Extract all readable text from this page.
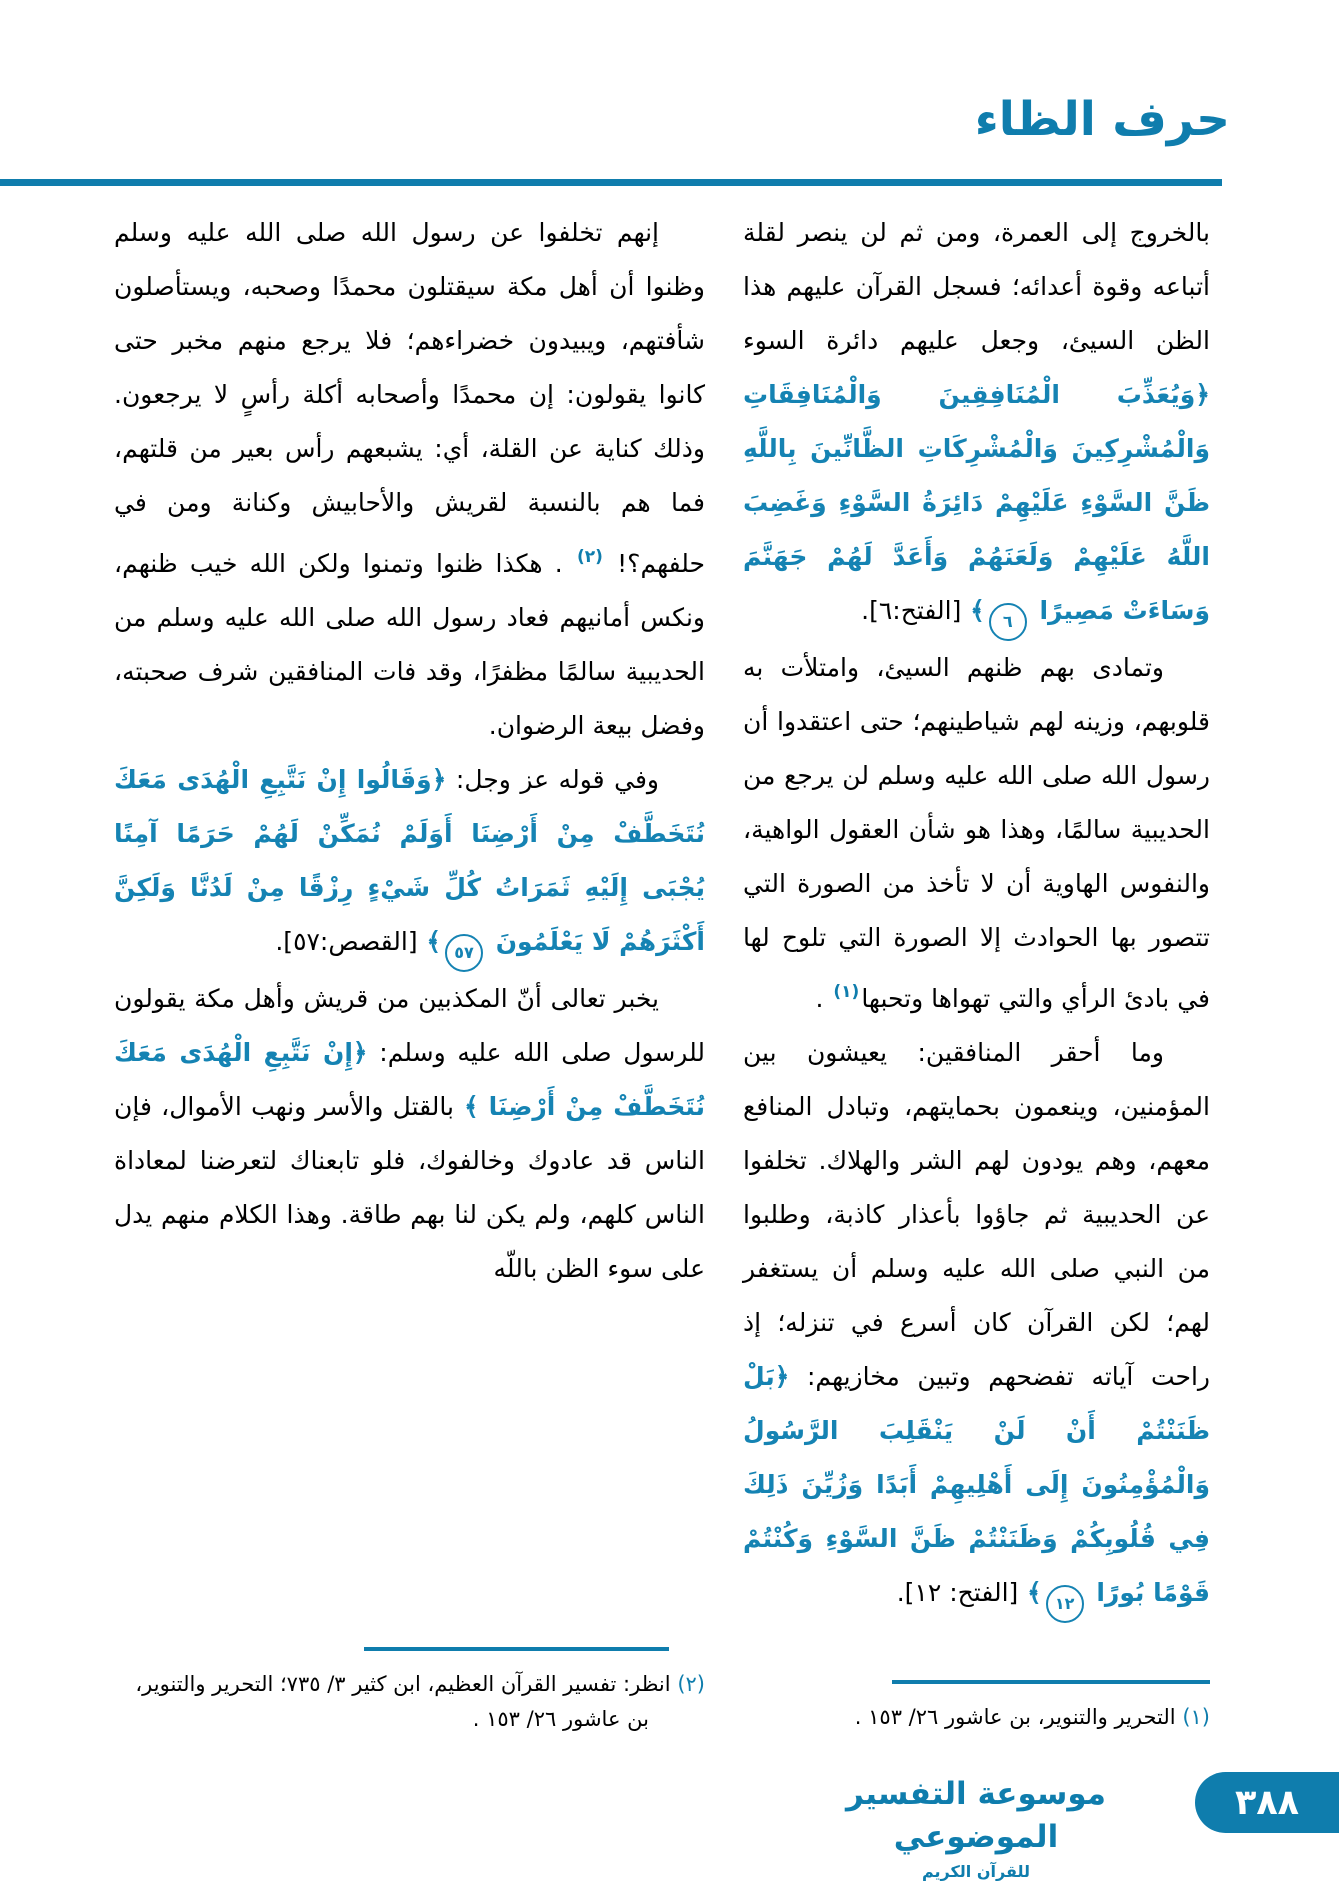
حرف الظاء

بالخروج إلى العمرة، ومن ثم لن ينصر لقلة أتباعه وقوة أعدائه؛ فسجل القرآن عليهم هذا الظن السيئ، وجعل عليهم دائرة السوء ﴿وَيُعَذِّبَ الْمُنَافِقِينَ وَالْمُنَافِقَاتِ وَالْمُشْرِكِينَ وَالْمُشْرِكَاتِ الظَّانِّينَ بِاللَّهِ ظَنَّ السَّوْءِ عَلَيْهِمْ دَائِرَةُ السَّوْءِ وَغَضِبَ اللَّهُ عَلَيْهِمْ وَلَعَنَهُمْ وَأَعَدَّ لَهُمْ جَهَنَّمَ وَسَاءَتْ مَصِيرًا ٦﴾ [الفتح:٦].

وتمادى بهم ظنهم السيئ، وامتلأت به قلوبهم، وزينه لهم شياطينهم؛ حتى اعتقدوا أن رسول الله صلى الله عليه وسلم لن يرجع من الحديبية سالمًا، وهذا هو شأن العقول الواهية، والنفوس الهاوية أن لا تأخذ من الصورة التي تتصور بها الحوادث إلا الصورة التي تلوح لها في بادئ الرأي والتي تهواها وتحبها$^{(١)}$ .

وما أحقر المنافقين: يعيشون بين المؤمنين، وينعمون بحمايتهم، وتبادل المنافع معهم، وهم يودون لهم الشر والهلاك. تخلفوا عن الحديبية ثم جاؤوا بأعذار كاذبة، وطلبوا من النبي صلى الله عليه وسلم أن يستغفر لهم؛ لكن القرآن كان أسرع في تنزله؛ إذ راحت آياته تفضحهم وتبين مخازيهم: ﴿بَلْ ظَنَنْتُمْ أَنْ لَنْ يَنْقَلِبَ الرَّسُولُ وَالْمُؤْمِنُونَ إِلَى أَهْلِيهِمْ أَبَدًا وَزُيِّنَ ذَلِكَ فِي قُلُوبِكُمْ وَظَنَنْتُمْ ظَنَّ السَّوْءِ وَكُنْتُمْ قَوْمًا بُورًا ١٢﴾ [الفتح: ١٢].

إنهم تخلفوا عن رسول الله صلى الله عليه وسلم وظنوا أن أهل مكة سيقتلون محمدًا وصحبه، ويستأصلون شأفتهم، ويبيدون خضراءهم؛ فلا يرجع منهم مخبر حتى كانوا يقولون: إن محمدًا وأصحابه أكلة رأسٍ لا يرجعون. وذلك كناية عن القلة، أي: يشبعهم رأس بعير من قلتهم، فما هم بالنسبة لقريش والأحابيش وكنانة ومن في حلفهم؟! $^{(٢)}$ . هكذا ظنوا وتمنوا ولكن الله خيب ظنهم، ونكس أمانيهم فعاد رسول الله صلى الله عليه وسلم من الحديبية سالمًا مظفرًا، وقد فات المنافقين شرف صحبته، وفضل بيعة الرضوان.

وفي قوله عز وجل: ﴿وَقَالُوا إِنْ نَتَّبِعِ الْهُدَى مَعَكَ نُتَخَطَّفْ مِنْ أَرْضِنَا أَوَلَمْ نُمَكِّنْ لَهُمْ حَرَمًا آمِنًا يُجْبَى إِلَيْهِ ثَمَرَاتُ كُلِّ شَيْءٍ رِزْقًا مِنْ لَدُنَّا وَلَكِنَّ أَكْثَرَهُمْ لَا يَعْلَمُونَ ٥٧﴾ [القصص:٥٧].

يخبر تعالى أنّ المكذبين من قريش وأهل مكة يقولون للرسول صلى الله عليه وسلم: ﴿إِنْ نَتَّبِعِ الْهُدَى مَعَكَ نُتَخَطَّفْ مِنْ أَرْضِنَا ﴾ بالقتل والأسر ونهب الأموال، فإن الناس قد عادوك وخالفوك، فلو تابعناك لتعرضنا لمعاداة الناس كلهم، ولم يكن لنا بهم طاقة. وهذا الكلام منهم يدل على سوء الظن باللّه

(١) التحرير والتنوير، بن عاشور ٢٦/ ١٥٣ .

(٢) انظر: تفسير القرآن العظيم، ابن كثير ٣/ ٧٣٥؛ التحرير والتنوير، بن عاشور ٢٦/ ١٥٣ .

موسوعة التفسير الموضوعي
للقرآن الكريم
٣٨٨
